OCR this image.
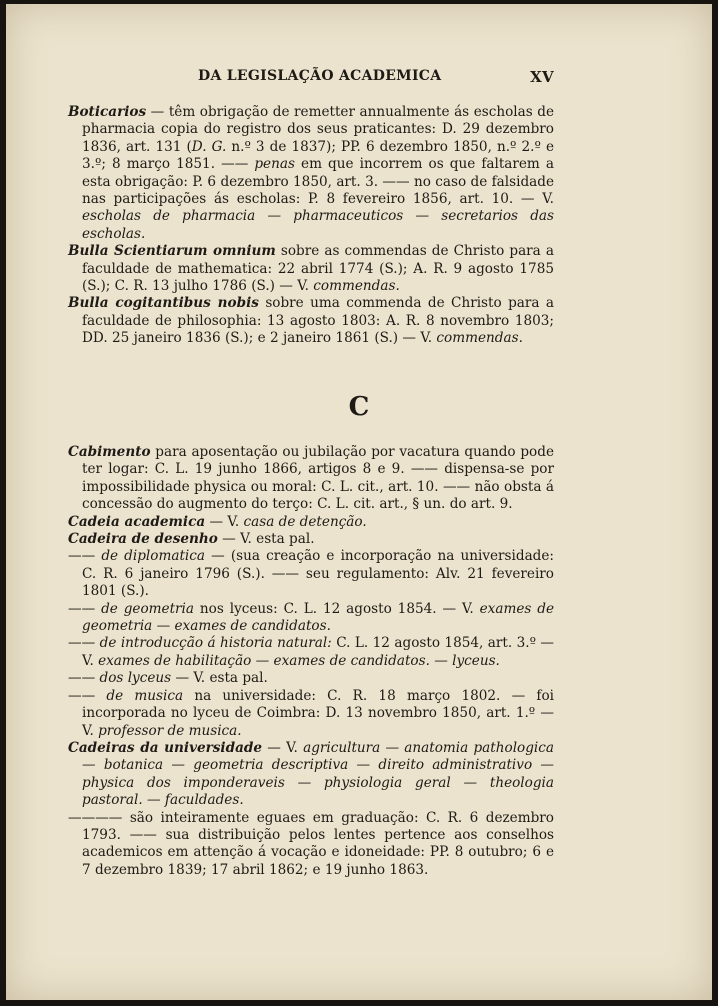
DA LEGISLAÇÃO ACADEMICA	XV

Boticarios — têm obrigação de remetter annualmente ás escholas de pharmacia copia do registro dos seus praticantes: D. 29 dezembro 1836, art. 131 (D. G. n.º 3 de 1837); PP. 6 dezembro 1850, n.º 2.º e 3.º; 8 março 1851. —— penas em que incorrem os que faltarem a esta obrigação: P. 6 dezembro 1850, art. 3. —— no caso de falsidade nas participações ás escholas: P. 8 fevereiro 1856, art. 10. — V. escholas de pharmacia — pharmaceuticos — secretarios das escholas.

Bulla Scientiarum omnium sobre as commendas de Christo para a faculdade de mathematica: 22 abril 1774 (S.); A. R. 9 agosto 1785 (S.); C. R. 13 julho 1786 (S.) — V. commendas.

Bulla cogitantibus nobis sobre uma commenda de Christo para a faculdade de philosophia: 13 agosto 1803: A. R. 8 novembro 1803; DD. 25 janeiro 1836 (S.); e 2 janeiro 1861 (S.) — V. commendas.

C

Cabimento para aposentação ou jubilação por vacatura quando pode ter logar: C. L. 19 junho 1866, artigos 8 e 9. —— dispensa-se por impossibilidade physica ou moral: C. L. cit., art. 10. —— não obsta á concessão do augmento do terço: C. L. cit. art., § un. do art. 9.

Cadeia academica — V. casa de detenção.

Cadeira de desenho — V. esta pal.

—— de diplomatica — (sua creação e incorporação na universidade: C. R. 6 janeiro 1796 (S.). —— seu regulamento: Alv. 21 fevereiro 1801 (S.).

—— de geometria nos lyceus: C. L. 12 agosto 1854. — V. exames de geometria — exames de candidatos.

—— de introducção á historia natural: C. L. 12 agosto 1854, art. 3.º — V. exames de habilitação — exames de candidatos. — lyceus.

—— dos lyceus — V. esta pal.

—— de musica na universidade: C. R. 18 março 1802. — foi incorporada no lyceu de Coimbra: D. 13 novembro 1850, art. 1.º — V. professor de musica.

Cadeiras da universidade — V. agricultura — anatomia pathologica — botanica — geometria descriptiva — direito administrativo — physica dos imponderaveis — physiologia geral — theologia pastoral. — faculdades.

———— são inteiramente eguaes em graduação: C. R. 6 dezembro 1793. —— sua distribuição pelos lentes pertence aos conselhos academicos em attenção á vocação e idoneidade: PP. 8 outubro; 6 e 7 dezembro 1839; 17 abril 1862; e 19 junho 1863.
